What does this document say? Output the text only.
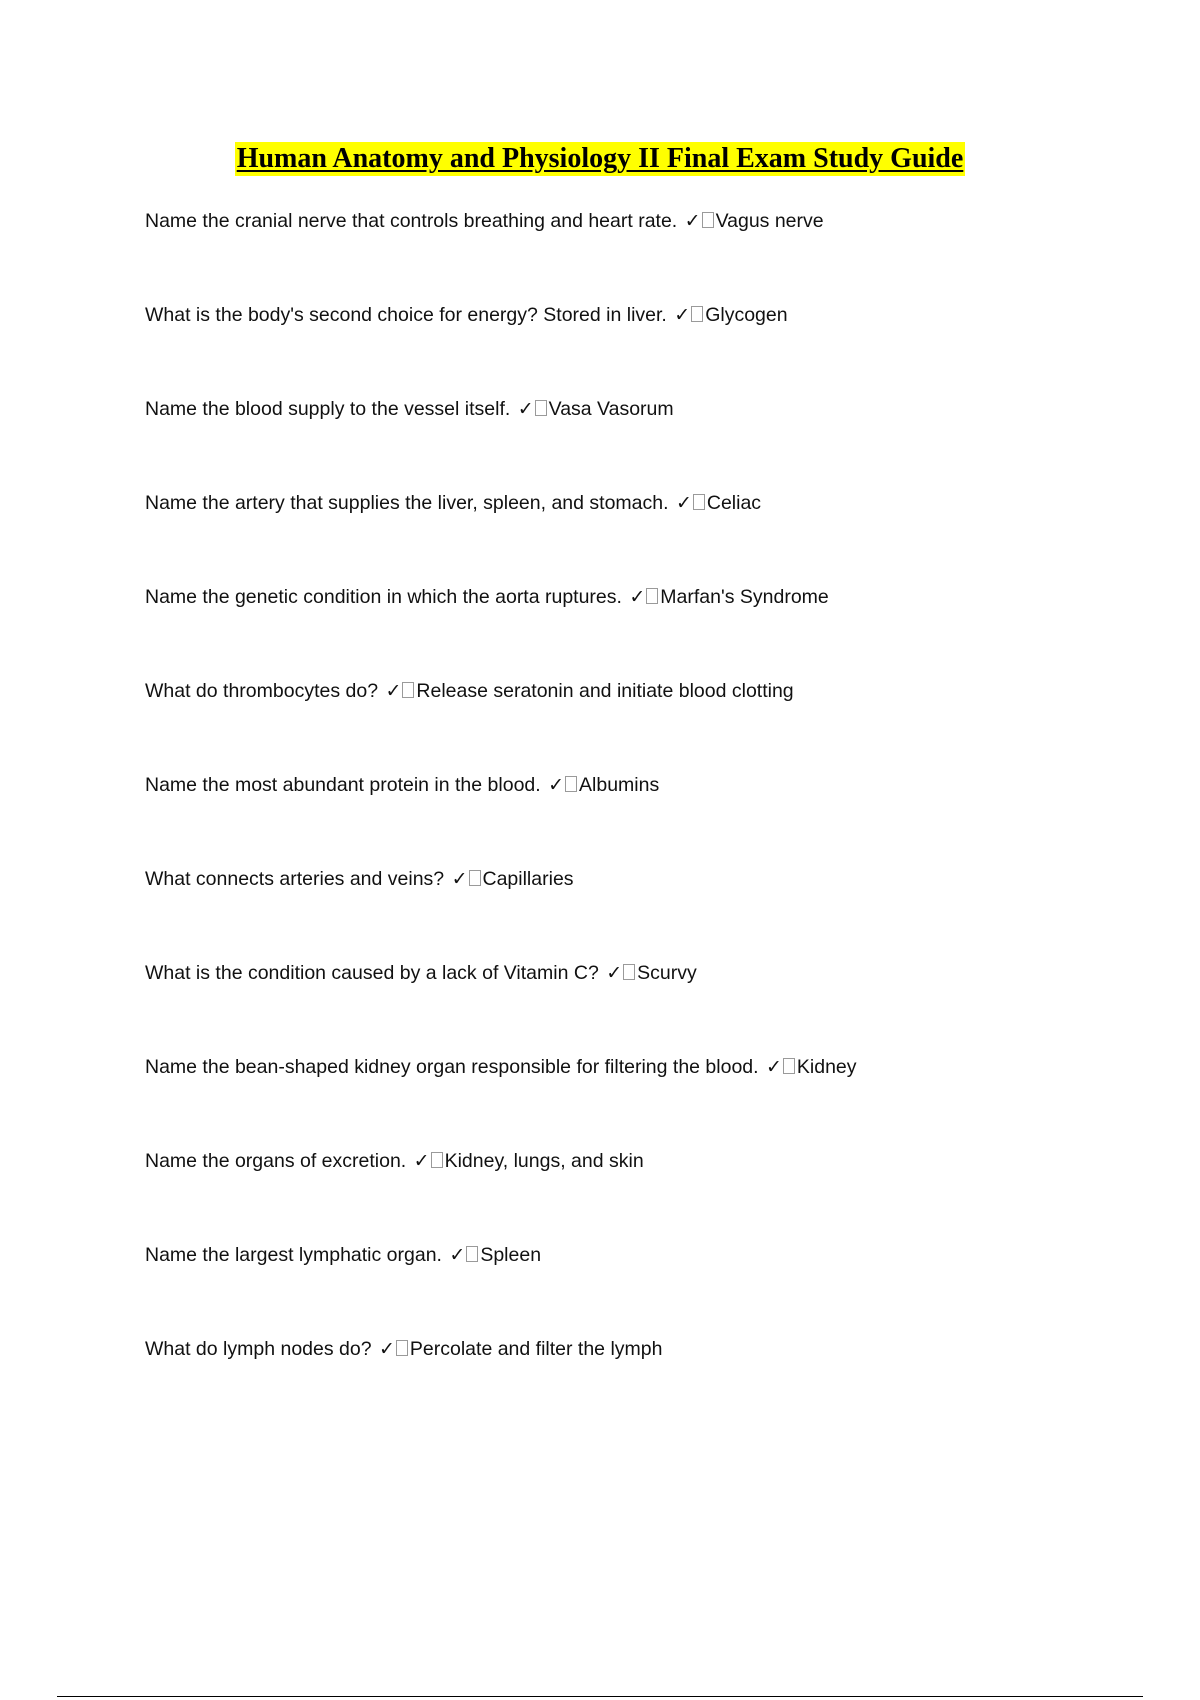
Human Anatomy and Physiology II Final Exam Study Guide
Name the cranial nerve that controls breathing and heart rate. ✓ Vagus nerve
What is the body's second choice for energy? Stored in liver. ✓ Glycogen
Name the blood supply to the vessel itself. ✓ Vasa Vasorum
Name the artery that supplies the liver, spleen, and stomach. ✓ Celiac
Name the genetic condition in which the aorta ruptures. ✓ Marfan's Syndrome
What do thrombocytes do? ✓ Release seratonin and initiate blood clotting
Name the most abundant protein in the blood. ✓ Albumins
What connects arteries and veins? ✓ Capillaries
What is the condition caused by a lack of Vitamin C? ✓ Scurvy
Name the bean-shaped kidney organ responsible for filtering the blood. ✓ Kidney
Name the organs of excretion. ✓ Kidney, lungs, and skin
Name the largest lymphatic organ. ✓ Spleen
What do lymph nodes do? ✓ Percolate and filter the lymph
